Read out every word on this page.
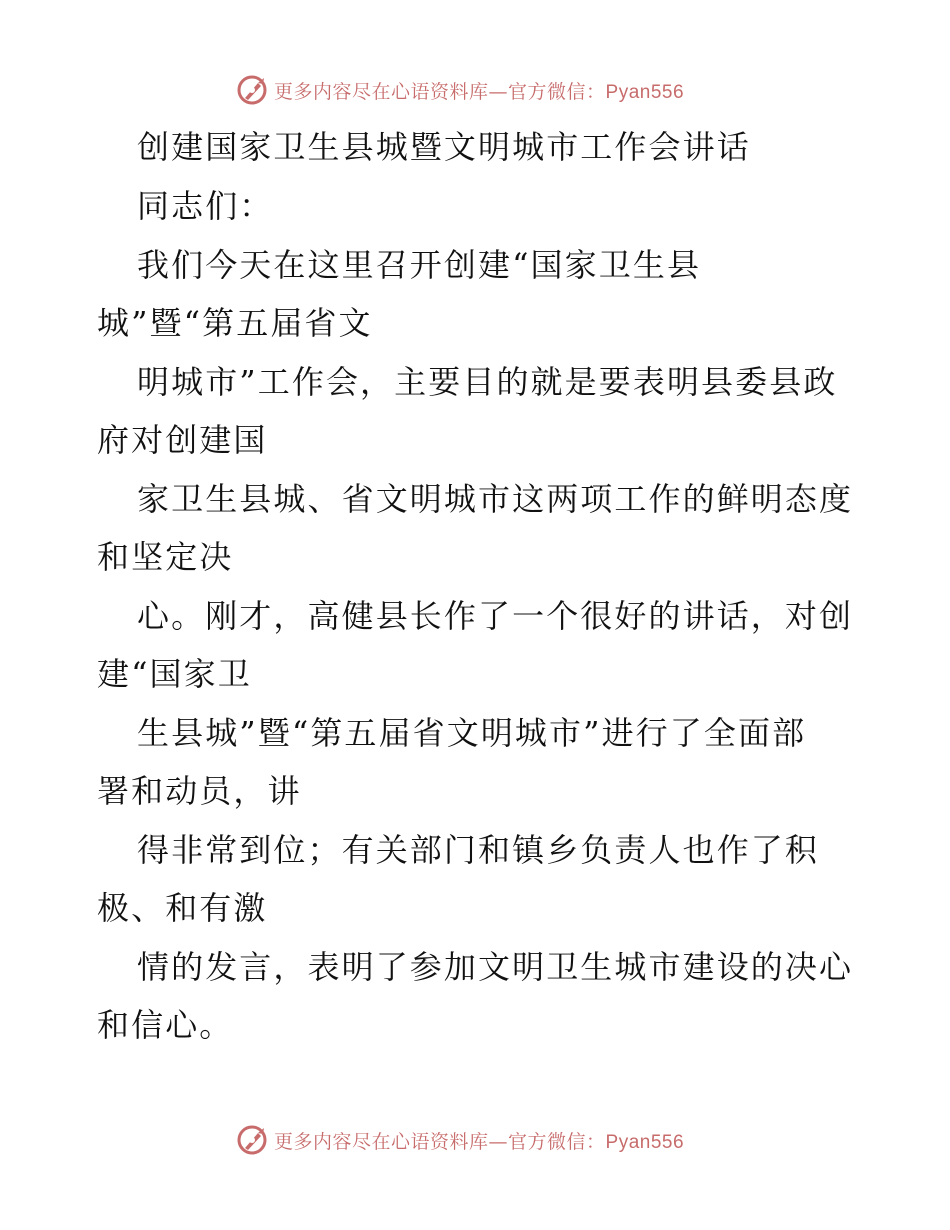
更多内容尽在心语资料库—官方微信：Pyan556
创建国家卫生县城暨文明城市工作会讲话
同志们：
我们今天在这里召开创建“国家卫生县
城”暨“第五届省文
明城市”工作会，主要目的就是要表明县委县政
府对创建国
家卫生县城、省文明城市这两项工作的鲜明态度
和坚定决
心。刚才，高健县长作了一个很好的讲话，对创
建“国家卫
生县城”暨“第五届省文明城市”进行了全面部
署和动员，讲
得非常到位；有关部门和镇乡负责人也作了积
极、和有激
情的发言，表明了参加文明卫生城市建设的决心
和信心。
更多内容尽在心语资料库—官方微信：Pyan556
